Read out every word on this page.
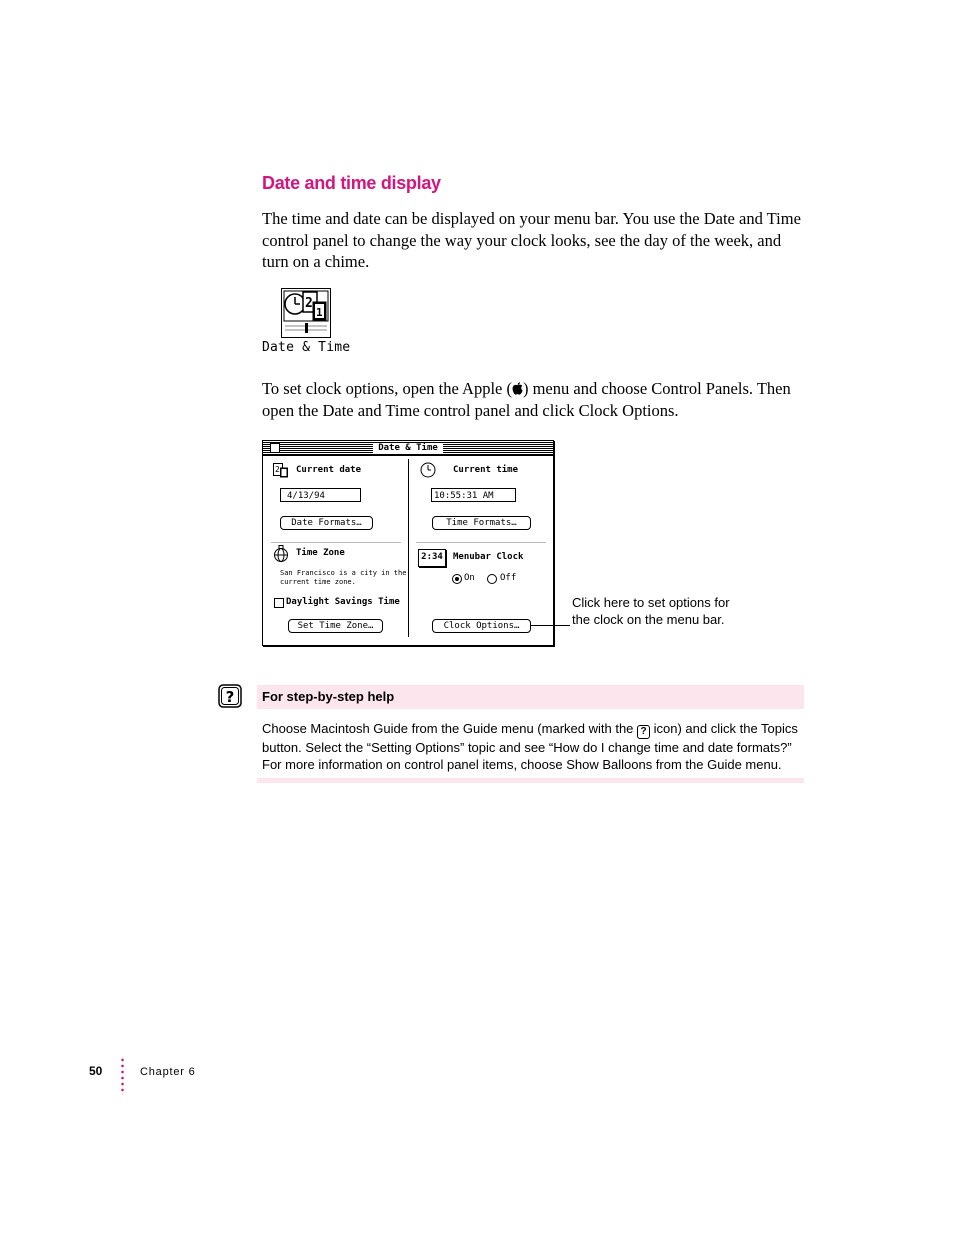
Date and time display
The time and date can be displayed on your menu bar. You use the Date and Time control panel to change the way your clock looks, see the day of the week, and turn on a chime.
2
1
Date & Time
To set clock options, open the Apple ( ) menu and choose Control Panels. Then open the Date and Time control panel and click Clock Options.
Date & Time
2 Current date
4/13/94
Date Formats…
Current time
10:55:31 AM
Time Formats…
Time Zone
San Francisco is a city in the
current time zone.
2:34	Menubar Clock
On	Off
Daylight Savings Time
Set Time Zone…	Clock Options…
Click here to set options for
the clock on the menu bar.
? For step-by-step help
Choose Macintosh Guide from the Guide menu (marked with the ? icon) and click the Topics button. Select the “Setting Options” topic and see “How do I change time and date formats?” For more information on control panel items, choose Show Balloons from the Guide menu.
50	Chapter 6
